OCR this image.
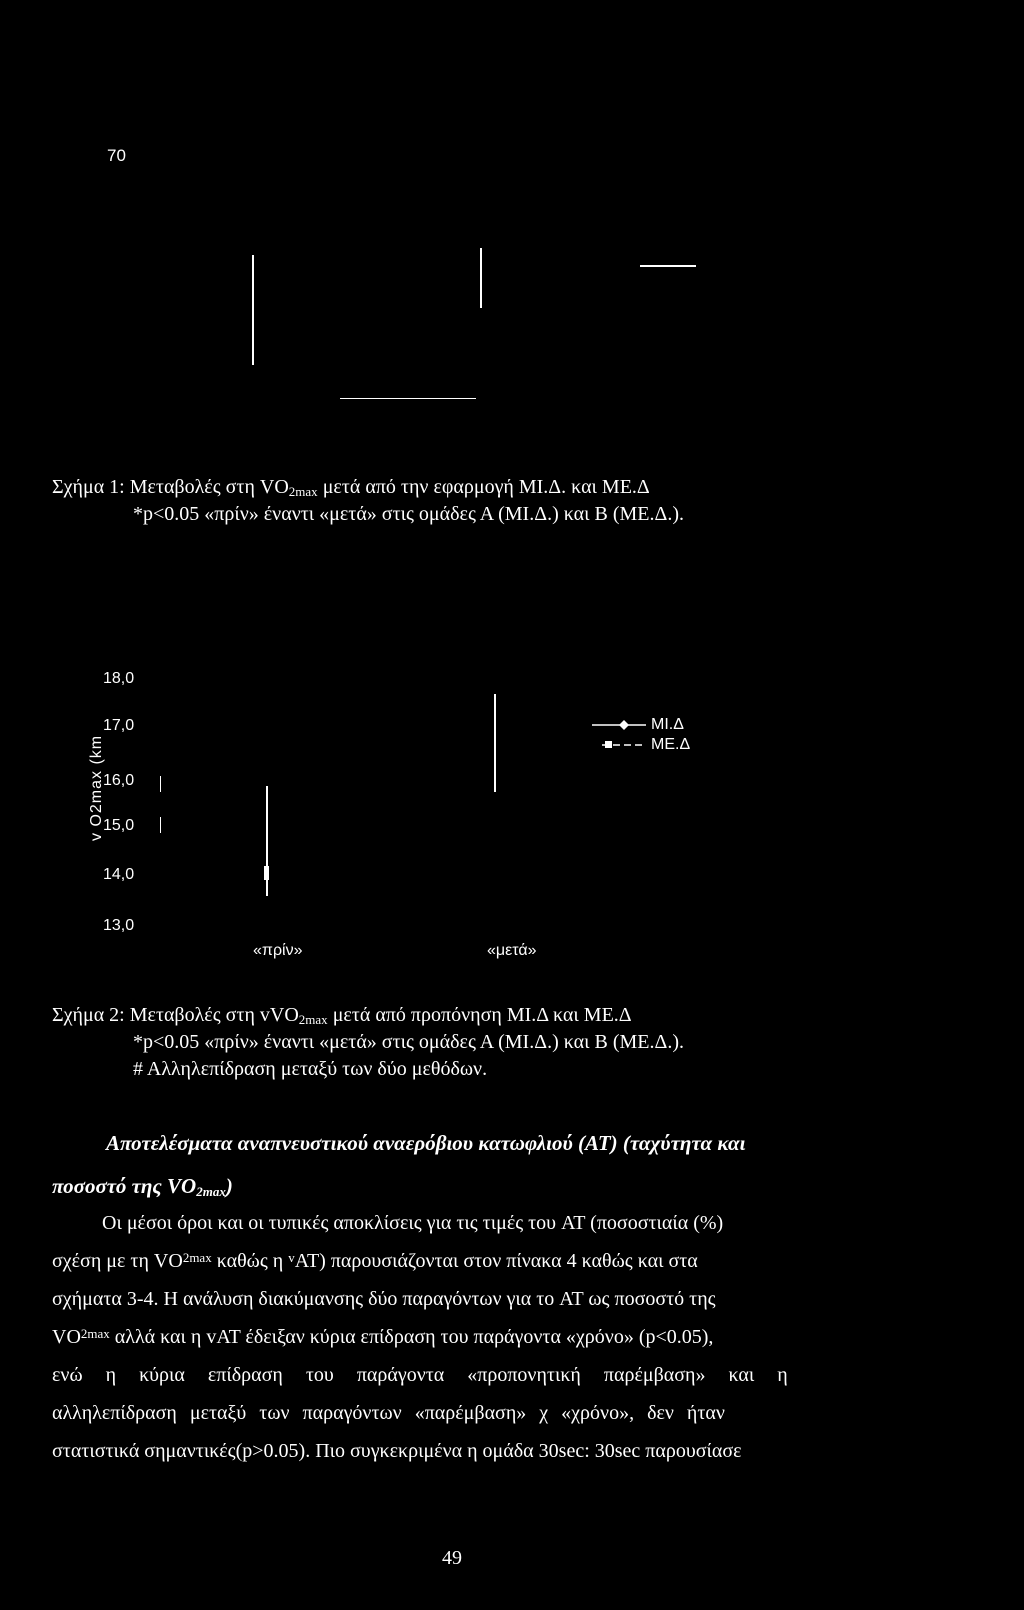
70
Σχήμα 1: Μεταβολές στη $VO_{2max}$ μετά από την εφαρμογή ΜΙ.Δ. και ΜΕ.Δ
*p<0.05 «πρίν» έναντι «μετά» στις ομάδες Α (ΜΙ.Δ.) και Β (ΜΕ.Δ.).
v O2max (km
18,0
17,0
16,0
15,0
14,0
13,0
«πρίν»	«μετά»
ΜΙ.Δ
ΜΕ.Δ
Σχήμα 2: Μεταβολές στη vVO$_{2max}$ μετά από προπόνηση ΜΙ.Δ και ΜΕ.Δ
*p<0.05 «πρίν» έναντι «μετά» στις ομάδες Α (ΜΙ.Δ.) και Β (ΜΕ.Δ.).
# Αλληλεπίδραση μεταξύ των δύο μεθόδων.
Αποτελέσματα αναπνευστικού αναερόβιου κατωφλιού (AT) (ταχύτητα και
ποσοστό της $VO_{2max}$)
Οι μέσοι όροι και οι τυπικές αποκλίσεις για τις τιμές του AT (ποσοστιαία (%)
σχέση με τη VO 2max καθώς η v AT) παρουσιάζονται στον πίνακα 4 καθώς και στα
σχήματα 3-4. Η ανάλυση διακύμανσης δύο παραγόντων για το AT ως ποσοστό της
VO 2max αλλά και η vAT έδειξαν κύρια επίδραση του παράγοντα «χρόνο» (p<0.05),
ενώ η κύρια επίδραση του παράγοντα «προπονητική παρέμβαση» και η
αλληλεπίδραση μεταξύ των παραγόντων «παρέμβαση» χ «χρόνο», δεν ήταν
στατιστικά σημαντικές(p>0.05). Πιο συγκεκριμένα η ομάδα 30sec: 30sec παρουσίασε
49
